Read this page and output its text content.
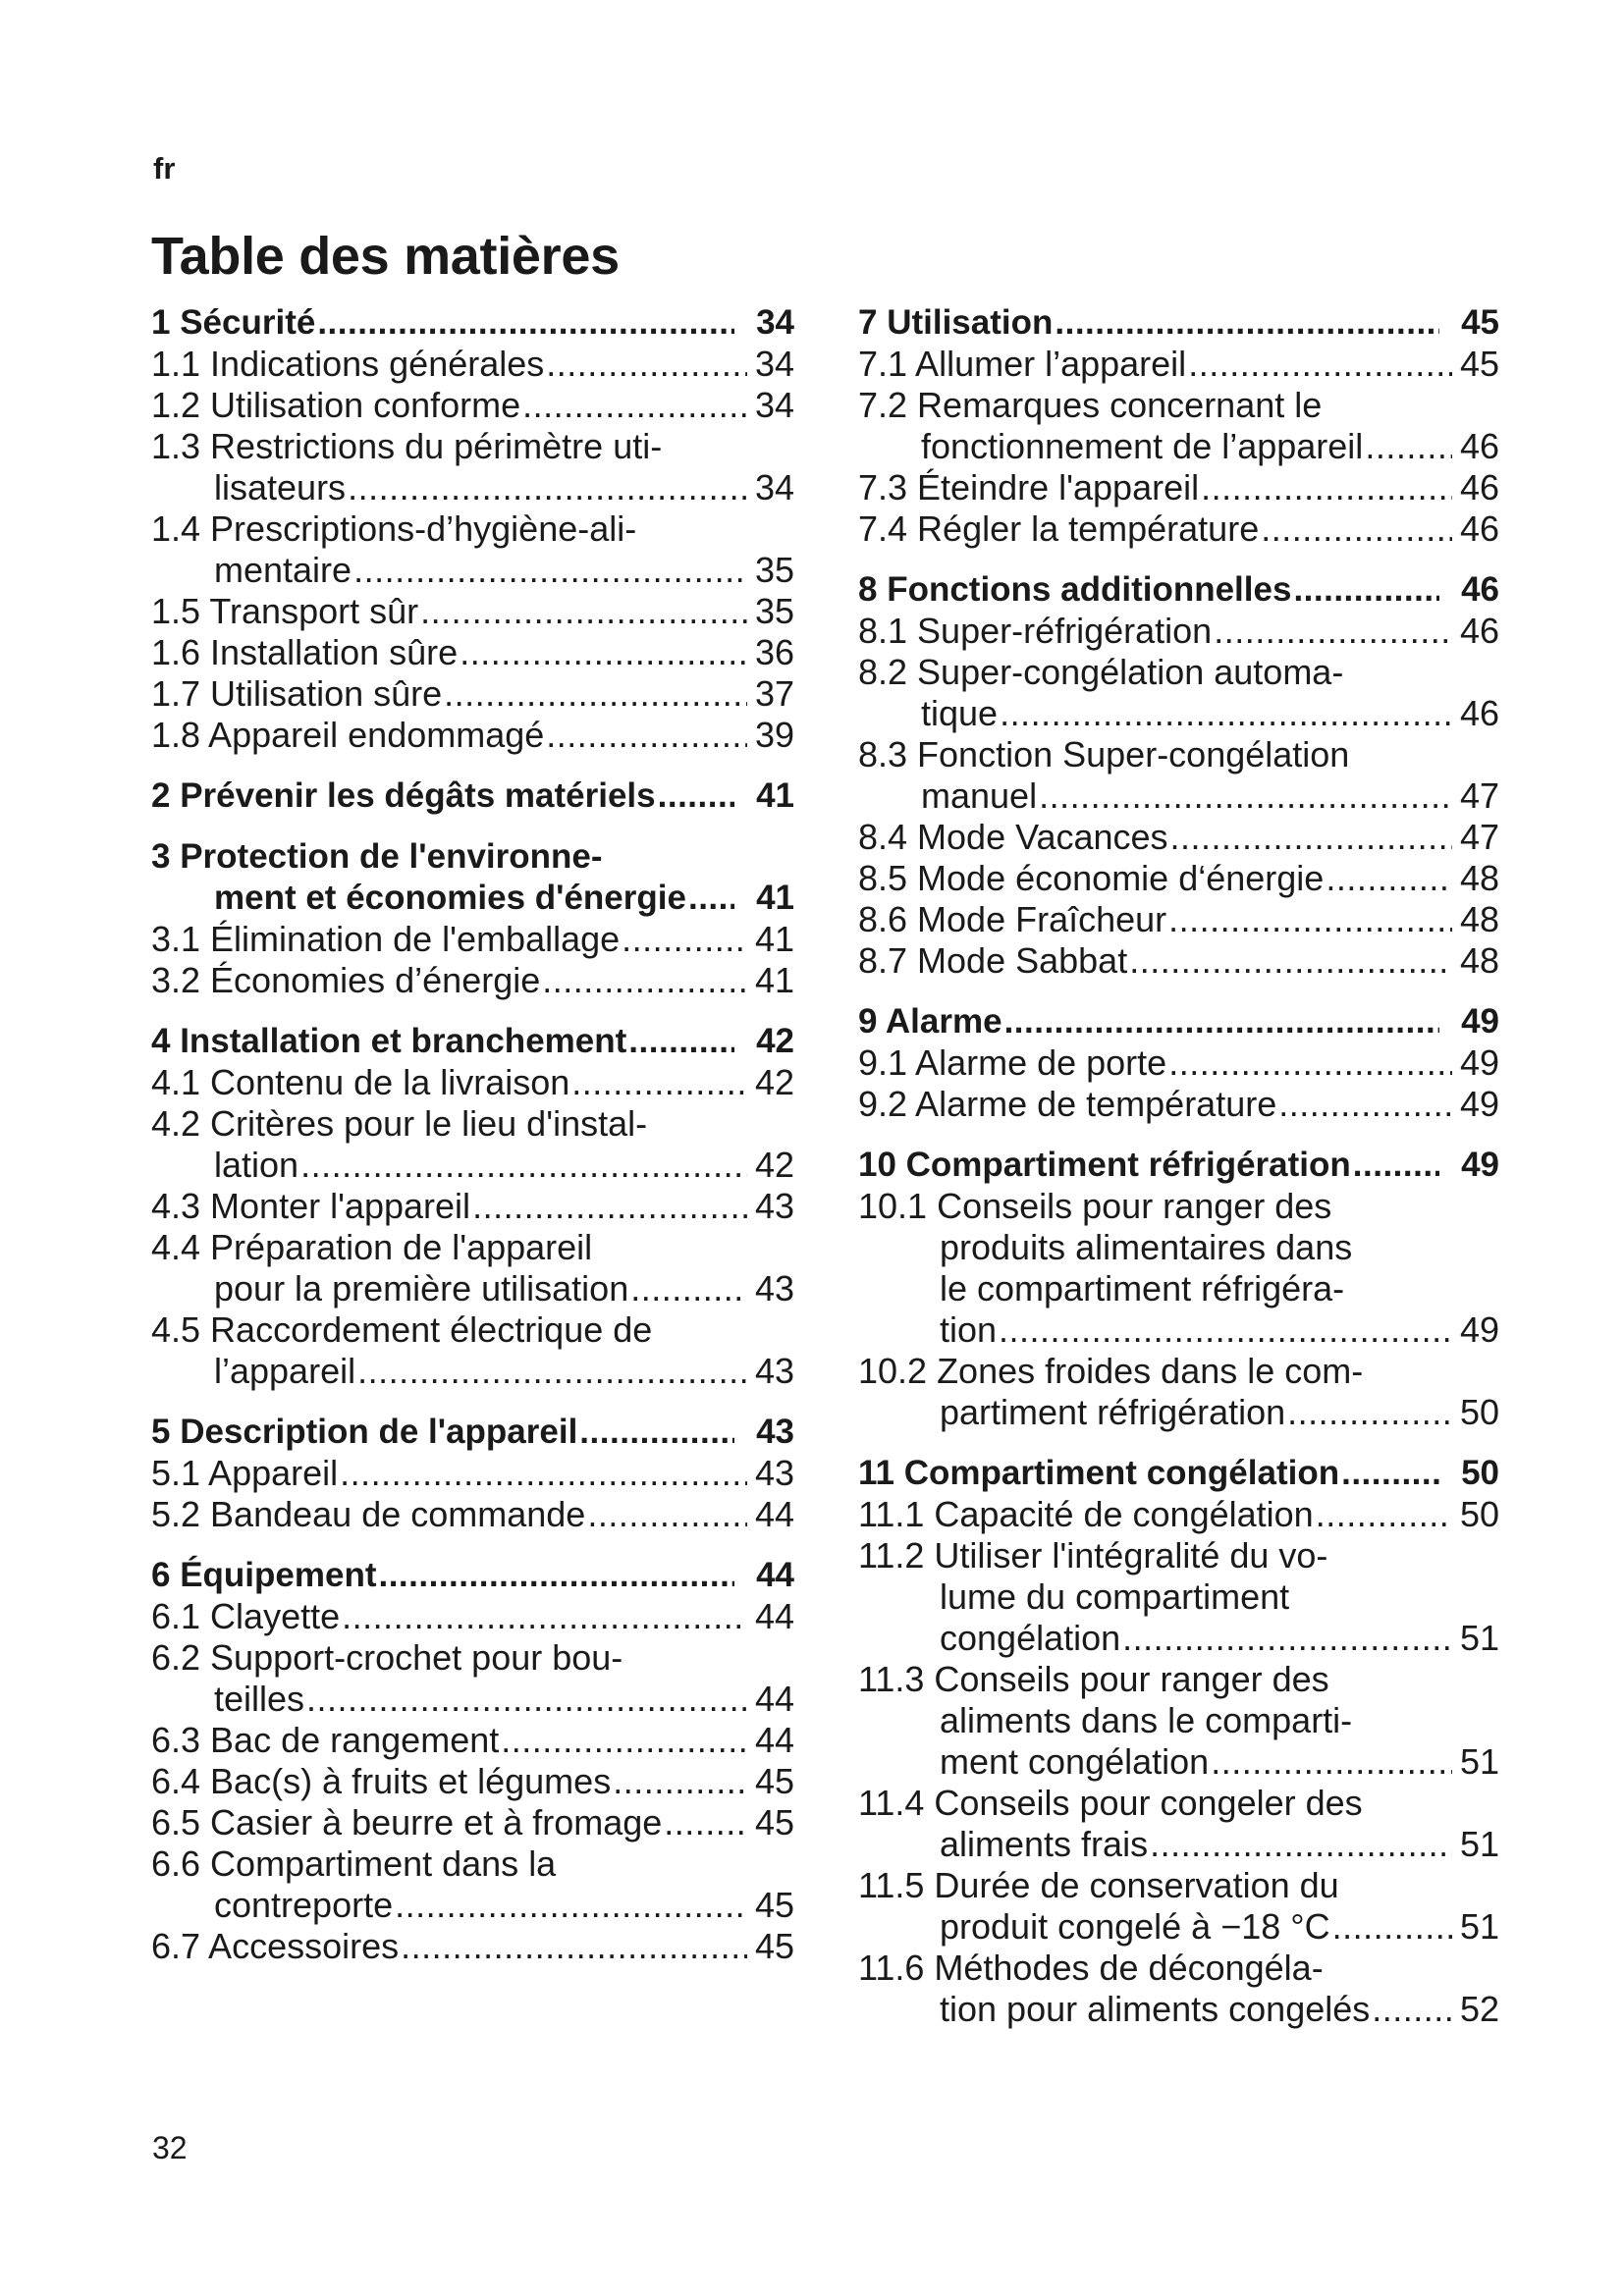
fr
Table des matières
1 Sécurité .....	34
1.1 Indications générales .....	34
1.2 Utilisation conforme .....	34
1.3 Restrictions du périmètre uti-
lisateurs .....	34
1.4 Prescriptions-d’hygiène-ali-
mentaire .....	35
1.5 Transport sûr .....	35
1.6 Installation sûre .....	36
1.7 Utilisation sûre .....	37
1.8 Appareil endommagé .....	39
2 Prévenir les dégâts matériels .....	41
3 Protection de l'environne-
ment et économies d'énergie .....	41
3.1 Élimination de l'emballage .....	41
3.2 Économies d’énergie .....	41
4 Installation et branchement .....	42
4.1 Contenu de la livraison .....	42
4.2 Critères pour le lieu d'instal-
lation .....	42
4.3 Monter l'appareil .....	43
4.4 Préparation de l'appareil
pour la première utilisation .....	43
4.5 Raccordement électrique de
l’appareil .....	43
5 Description de l'appareil .....	43
5.1 Appareil .....	43
5.2 Bandeau de commande .....	44
6 Équipement .....	44
6.1 Clayette .....	44
6.2 Support-crochet pour bou-
teilles .....	44
6.3 Bac de rangement .....	44
6.4 Bac(s) à fruits et légumes .....	45
6.5 Casier à beurre et à fromage .....	45
6.6 Compartiment dans la
contreporte .....	45
6.7 Accessoires .....	45
7 Utilisation .....	45
7.1 Allumer l’appareil .....	45
7.2 Remarques concernant le
fonctionnement de l’appareil .....	46
7.3 Éteindre l'appareil .....	46
7.4 Régler la température .....	46
8 Fonctions additionnelles .....	46
8.1 Super-réfrigération .....	46
8.2 Super-congélation automa-
tique .....	46
8.3 Fonction Super-congélation
manuel .....	47
8.4 Mode Vacances .....	47
8.5 Mode économie d‘énergie .....	48
8.6 Mode Fraîcheur .....	48
8.7 Mode Sabbat .....	48
9 Alarme .....	49
9.1 Alarme de porte .....	49
9.2 Alarme de température .....	49
10 Compartiment réfrigération .....	49
10.1 Conseils pour ranger des
produits alimentaires dans
le compartiment réfrigéra-
tion .....	49
10.2 Zones froides dans le com-
partiment réfrigération .....	50
11 Compartiment congélation .....	50
11.1 Capacité de congélation .....	50
11.2 Utiliser l'intégralité du vo-
lume du compartiment
congélation .....	51
11.3 Conseils pour ranger des
aliments dans le comparti-
ment congélation .....	51
11.4 Conseils pour congeler des
aliments frais .....	51
11.5 Durée de conservation du
produit congelé à −18 °C .....	51
11.6 Méthodes de décongéla-
tion pour aliments congelés .....	52
32
